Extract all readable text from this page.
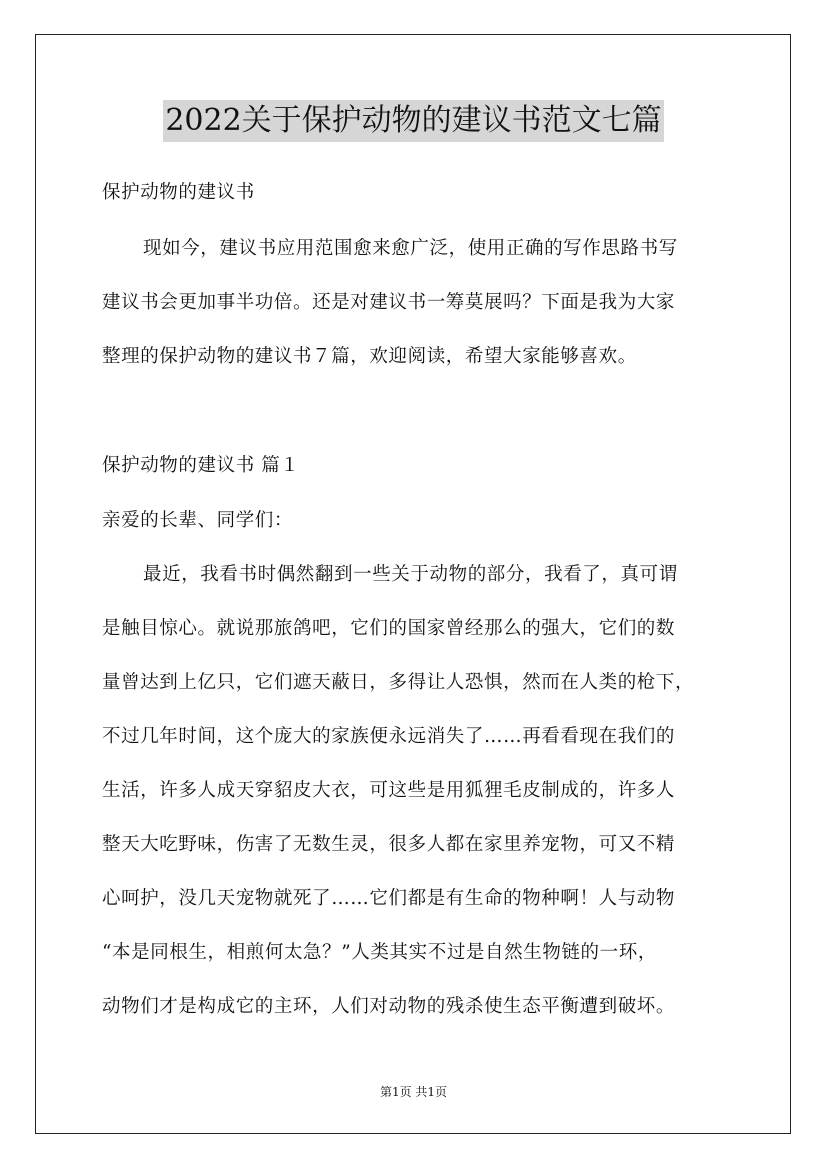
2022关于保护动物的建议书范文七篇
保护动物的建议书
现如今，建议书应用范围愈来愈广泛，使用正确的写作思路书写
建议书会更加事半功倍。还是对建议书一筹莫展吗？下面是我为大家
整理的保护动物的建议书７篇，欢迎阅读，希望大家能够喜欢。
保护动物的建议书 篇１
亲爱的长辈、同学们：
最近，我看书时偶然翻到一些关于动物的部分，我看了，真可谓
是触目惊心。就说那旅鸽吧，它们的国家曾经那么的强大，它们的数
量曾达到上亿只，它们遮天蔽日，多得让人恐惧，然而在人类的枪下，
不过几年时间，这个庞大的家族便永远消失了……再看看现在我们的
生活，许多人成天穿貂皮大衣，可这些是用狐狸毛皮制成的，许多人
整天大吃野味，伤害了无数生灵，很多人都在家里养宠物，可又不精
心呵护，没几天宠物就死了……它们都是有生命的物种啊！人与动物
“本是同根生，相煎何太急？”人类其实不过是自然生物链的一环，
动物们才是构成它的主环，人们对动物的残杀使生态平衡遭到破坏。
第1页 共1页
